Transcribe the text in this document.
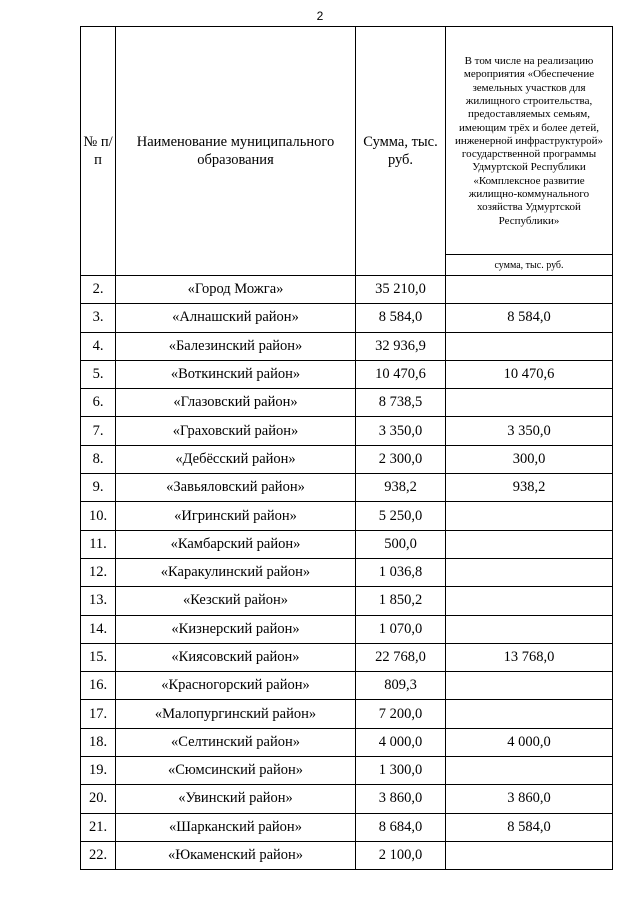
2
№ п/п	Наименование муниципального образования	Сумма, тыс. руб.	В том числе на реализацию мероприятия «Обеспечение земельных участков для жилищного строительства, предоставляемых семьям, имеющим трёх и более детей, инженерной инфраструктурой» государственной программы Удмуртской Республики «Комплексное развитие жилищно-коммунального хозяйства Удмуртской Республики»
			сумма, тыс. руб.
2.	«Город Можга»	35 210,0	
3.	«Алнашский район»	8 584,0	8 584,0
4.	«Балезинский район»	32 936,9	
5.	«Воткинский район»	10 470,6	10 470,6
6.	«Глазовский район»	8 738,5	
7.	«Граховский район»	3 350,0	3 350,0
8.	«Дебёсский район»	2 300,0	300,0
9.	«Завьяловский район»	938,2	938,2
10.	«Игринский район»	5 250,0	
11.	«Камбарский район»	500,0	
12.	«Каракулинский район»	1 036,8	
13.	«Кезский район»	1 850,2	
14.	«Кизнерский район»	1 070,0	
15.	«Киясовский район»	22 768,0	13 768,0
16.	«Красногорский район»	809,3	
17.	«Малопургинский район»	7 200,0	
18.	«Селтинский район»	4 000,0	4 000,0
19.	«Сюмсинский район»	1 300,0	
20.	«Увинский район»	3 860,0	3 860,0
21.	«Шарканский район»	8 684,0	8 584,0
22.	«Юкаменский район»	2 100,0	
